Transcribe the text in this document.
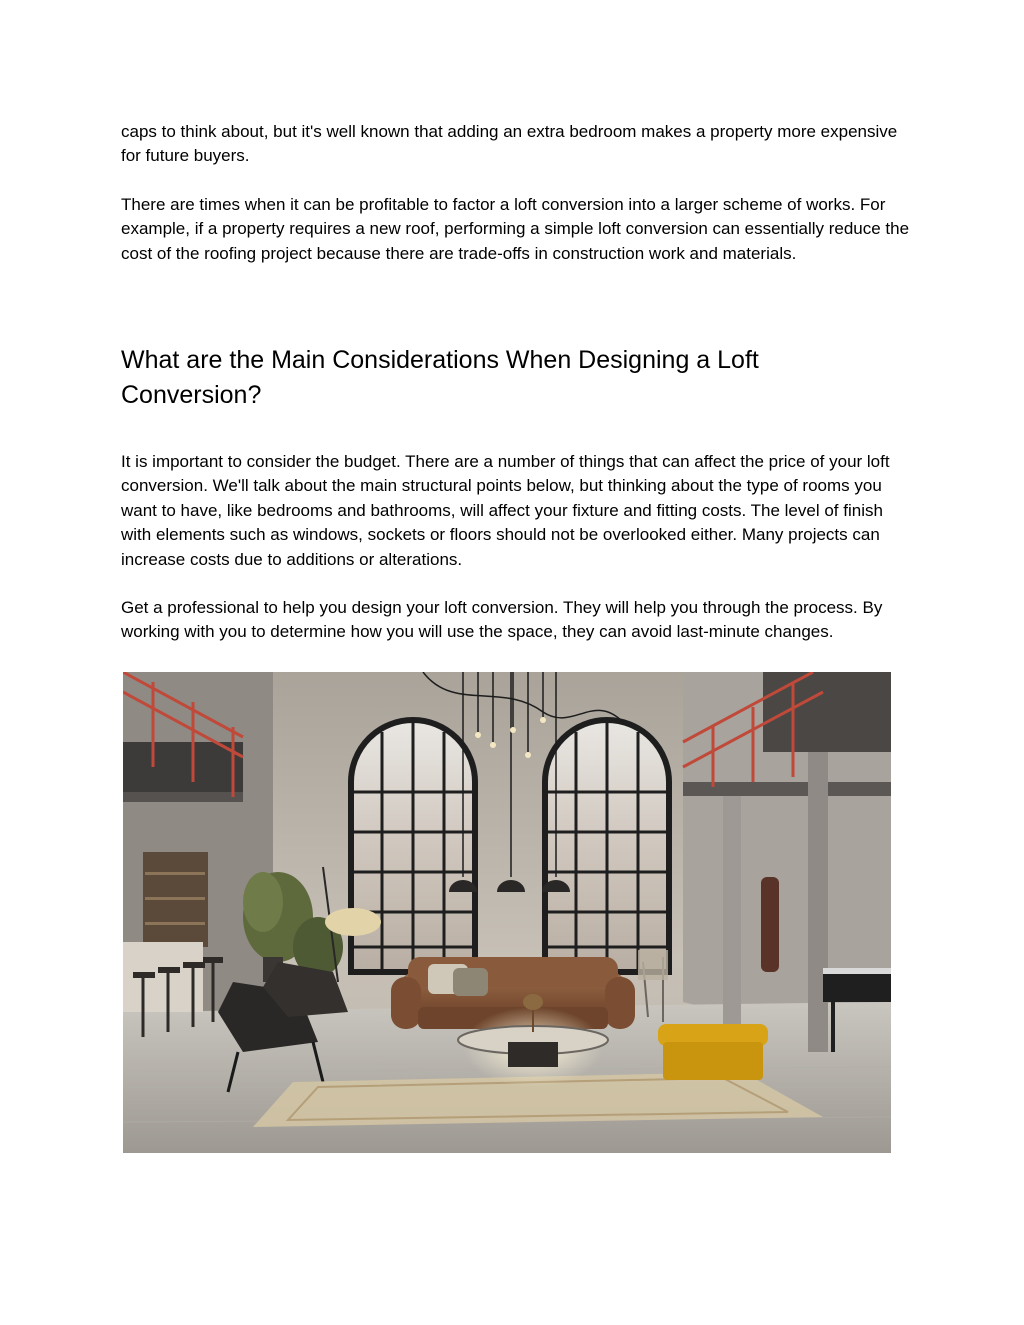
caps to think about, but it's well known that adding an extra bedroom makes a property more expensive for future buyers.

There are times when it can be profitable to factor a loft conversion into a larger scheme of works. For example, if a property requires a new roof, performing a simple loft conversion can essentially reduce the cost of the roofing project because there are trade-offs in construction work and materials.

What are the Main Considerations When Designing a Loft Conversion?

It is important to consider the budget. There are a number of things that can affect the price of your loft conversion. We'll talk about the main structural points below, but thinking about the type of rooms you want to have, like bedrooms and bathrooms, will affect your fixture and fitting costs. The level of finish with elements such as windows, sockets or floors should not be overlooked either. Many projects can increase costs due to additions or alterations.

Get a professional to help you design your loft conversion. They will help you through the process. By working with you to determine how you will use the space, they can avoid last-minute changes.
